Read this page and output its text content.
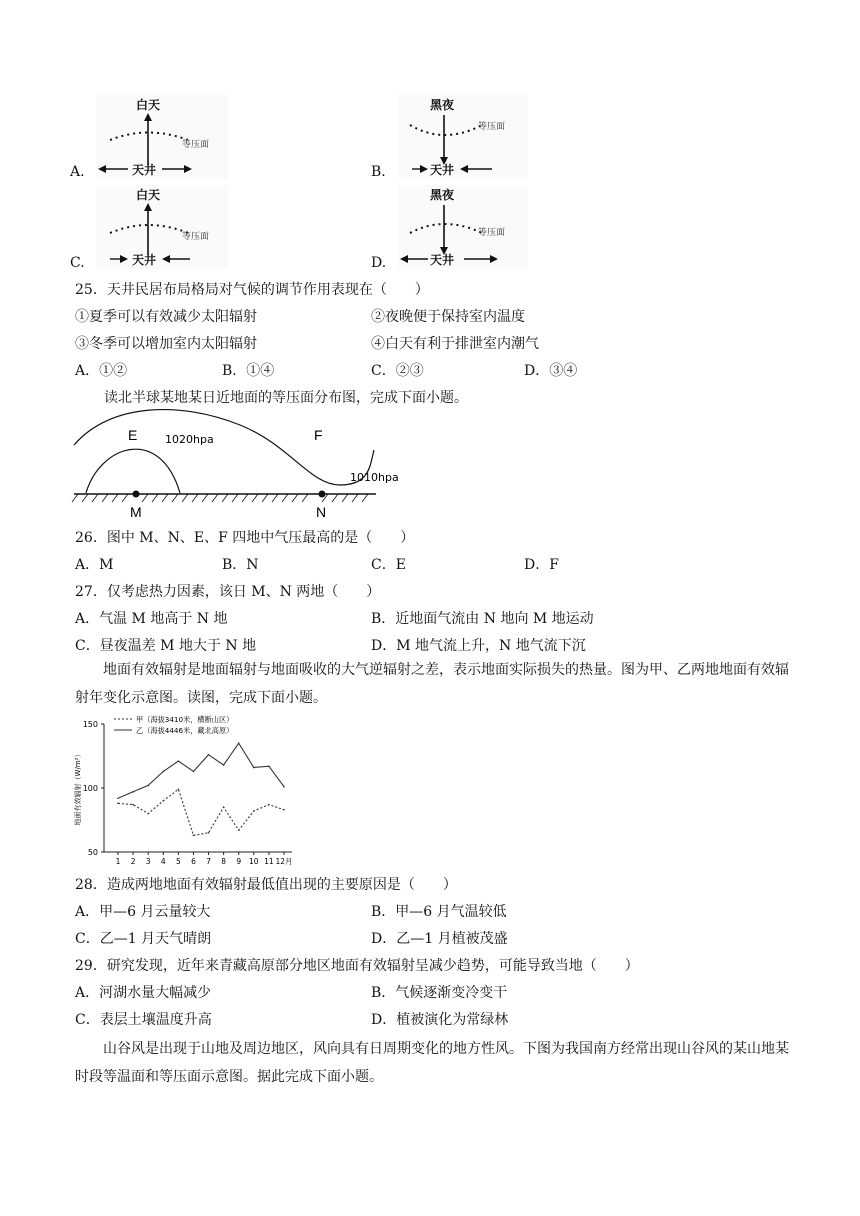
A.
白天
等压面
天井	B.
黑夜
等压面
天井
C.
白天
等压面
天井	D.
黑夜
等压面
天井
25．天井民居布局格局对气候的调节作用表现在（　　）
①夏季可以有效减少太阳辐射	②夜晚便于保持室内温度
③冬季可以增加室内太阳辐射	④白天有利于排泄室内潮气
A．①②	B．①④	C．②③	D．③④
读北半球某地某日近地面的等压面分布图，完成下面小题。
E	F
1020hpa
1010hpa
M	N
26．图中 M、N、E、F 四地中气压最高的是（　　）
A．M	B．N	C．E	D．F
27．仅考虑热力因素，该日 M、N 两地（　　）
A．气温 M 地高于 N 地	B．近地面气流由 N 地向 M 地运动
C．昼夜温差 M 地大于 N 地	D．M 地气流上升，N 地气流下沉
地面有效辐射是地面辐射与地面吸收的大气逆辐射之差，表示地面实际损失的热量。图为甲、乙两地地面有效辐射年变化示意图。读图，完成下面小题。
50
100
150
地面有效辐射（W/m²）
1 2 3 4 5 6 7 8 9 10 11 12月
甲（海拔3410米，横断山区）
乙（海拔4446米，藏北高原）
28．造成两地地面有效辐射最低值出现的主要原因是（　　）
A．甲—6 月云量较大	B．甲—6 月气温较低
C．乙—1 月天气晴朗	D．乙—1 月植被茂盛
29．研究发现，近年来青藏高原部分地区地面有效辐射呈减少趋势，可能导致当地（　　）
A．河湖水量大幅减少	B．气候逐渐变冷变干
C．表层土壤温度升高	D．植被演化为常绿林
山谷风是出现于山地及周边地区，风向具有日周期变化的地方性风。下图为我国南方经常出现山谷风的某山地某时段等温面和等压面示意图。据此完成下面小题。
